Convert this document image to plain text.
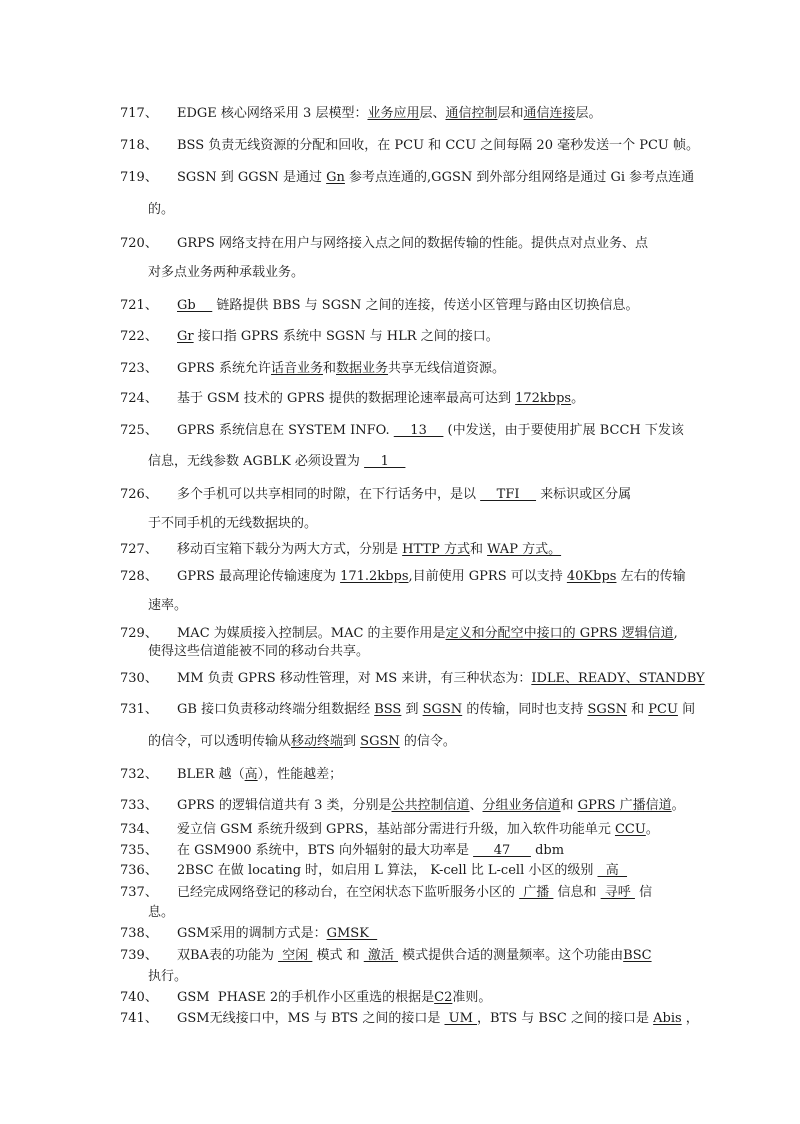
717、 EDGE 核心网络采用 3 层模型：业务应用层、通信控制层和通信连接层。
718、 BSS 负责无线资源的分配和回收，在 PCU 和 CCU 之间每隔 20 毫秒发送一个 PCU 帧。
719、 SGSN 到 GGSN 是通过 Gn 参考点连通的,GGSN 到外部分组网络是通过 Gi 参考点连通
的。
720、 GRPS 网络支持在用户与网络接入点之间的数据传输的性能。提供点对点业务、点
对多点业务两种承载业务。
721、 Gb     链路提供 BBS 与 SGSN 之间的连接，传送小区管理与路由区切换信息。
722、 Gr 接口指 GPRS 系统中 SGSN 与 HLR 之间的接口。
723、 GPRS 系统允许话音业务和数据业务共享无线信道资源。
724、 基于 GSM 技术的 GPRS 提供的数据理论速率最高可达到 172kbps。
725、 GPRS 系统信息在 SYSTEM INFO.     13     (中发送，由于要使用扩展 BCCH 下发该
信息，无线参数 AGBLK 必须设置为     1
726、 多个手机可以共享相同的时隙，在下行话务中，是以     TFI     来标识或区分属
于不同手机的无线数据块的。
727、 移动百宝箱下载分为两大方式，分别是 HTTP 方式和 WAP 方式。
728、 GPRS 最高理论传输速度为 171.2kbps,目前使用 GPRS 可以支持 40Kbps 左右的传输
速率。
729、 MAC 为媒质接入控制层。MAC 的主要作用是定义和分配空中接口的 GPRS 逻辑信道,
使得这些信道能被不同的移动台共享。
730、 MM 负责 GPRS 移动性管理，对 MS 来讲，有三种状态为：IDLE、READY、STANDBY
731、 GB 接口负责移动终端分组数据经 BSS 到 SGSN 的传输，同时也支持 SGSN 和 PCU 间
的信令，可以透明传输从移动终端到 SGSN 的信令。
732、 BLER 越（高），性能越差；
733、 GPRS 的逻辑信道共有 3 类，分别是公共控制信道、分组业务信道和 GPRS 广播信道。
734、 爱立信 GSM 系统升级到 GPRS，基站部分需进行升级，加入软件功能单元 CCU。
735、 在 GSM900 系统中，BTS 向外辐射的最大功率是      47      dbm
736、 2BSC 在做 locating 时，如启用 L 算法， K-cell 比 L-cell 小区的级别   高
737、 已经完成网络登记的移动台，在空闲状态下监听服务小区的  广播  信息和  寻呼  信
息。
738、 GSM采用的调制方式是：GMSK
739、 双BA表的功能为  空闲  模式 和  激活  模式提供合适的测量频率。这个功能由BSC
执行。
740、 GSM  PHASE 2的手机作小区重选的根据是C2准则。
741、 GSM无线接口中，MS 与 BTS 之间的接口是  UM ，BTS 与 BSC 之间的接口是 Abis ，
